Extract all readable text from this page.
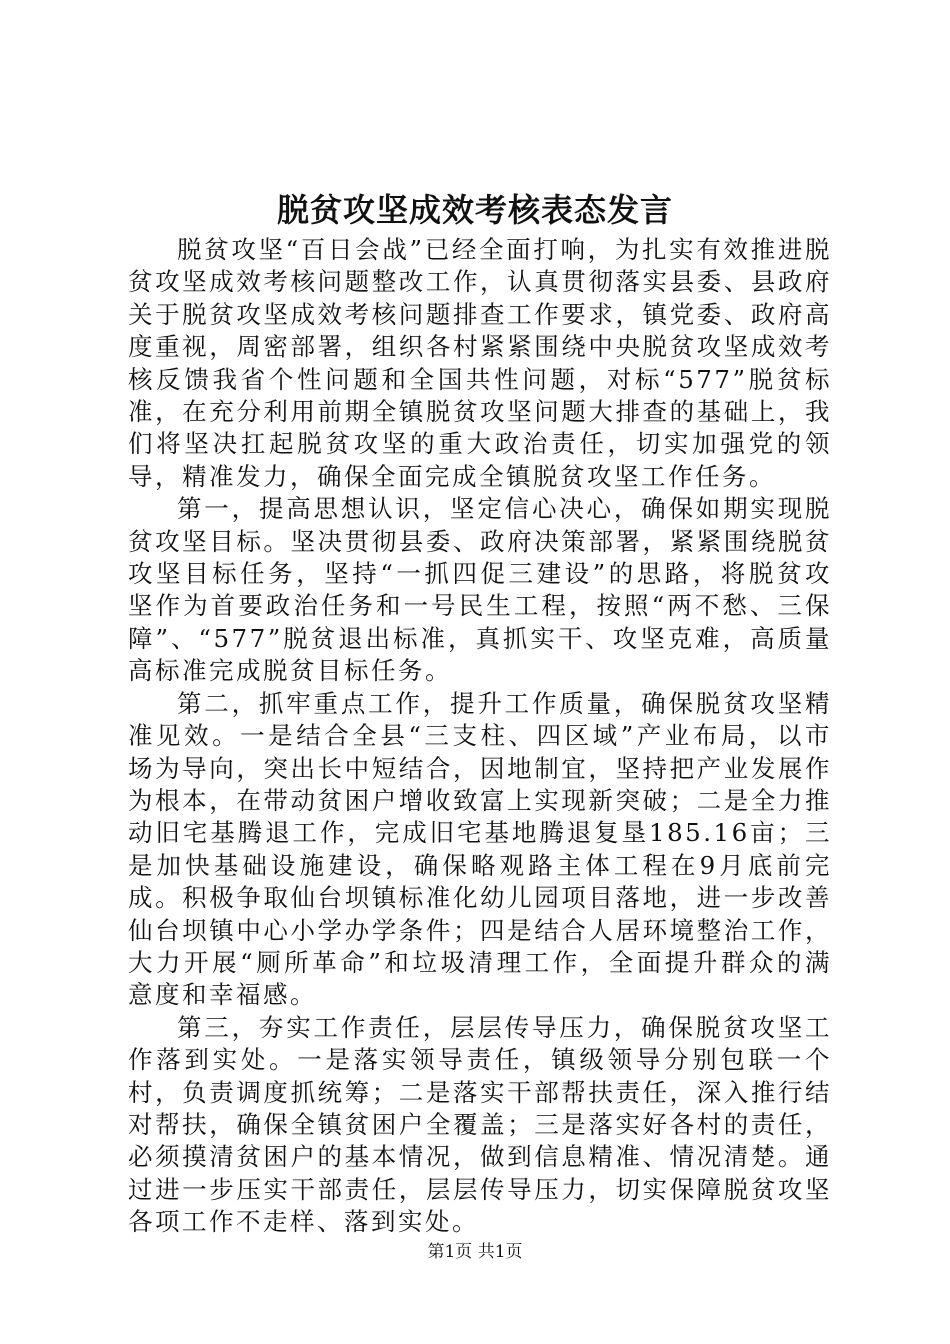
脱贫攻坚成效考核表态发言

脱贫攻坚“百日会战”已经全面打响，为扎实有效推进脱贫攻坚成效考核问题整改工作，认真贯彻落实县委、县政府关于脱贫攻坚成效考核问题排查工作要求，镇党委、政府高度重视，周密部署，组织各村紧紧围绕中央脱贫攻坚成效考核反馈我省个性问题和全国共性问题，对标“577”脱贫标准，在充分利用前期全镇脱贫攻坚问题大排查的基础上，我们将坚决扛起脱贫攻坚的重大政治责任，切实加强党的领导，精准发力，确保全面完成全镇脱贫攻坚工作任务。

第一，提高思想认识，坚定信心决心，确保如期实现脱贫攻坚目标。坚决贯彻县委、政府决策部署，紧紧围绕脱贫攻坚目标任务，坚持“一抓四促三建设”的思路，将脱贫攻坚作为首要政治任务和一号民生工程，按照“两不愁、三保障”、“577”脱贫退出标准，真抓实干、攻坚克难，高质量高标准完成脱贫目标任务。

第二，抓牢重点工作，提升工作质量，确保脱贫攻坚精准见效。一是结合全县“三支柱、四区域”产业布局，以市场为导向，突出长中短结合，因地制宜，坚持把产业发展作为根本，在带动贫困户增收致富上实现新突破；二是全力推动旧宅基腾退工作，完成旧宅基地腾退复垦185.16亩；三是加快基础设施建设，确保略观路主体工程在9月底前完成。积极争取仙台坝镇标准化幼儿园项目落地，进一步改善仙台坝镇中心小学办学条件；四是结合人居环境整治工作，大力开展“厕所革命”和垃圾清理工作，全面提升群众的满意度和幸福感。

第三，夯实工作责任，层层传导压力，确保脱贫攻坚工作落到实处。一是落实领导责任，镇级领导分别包联一个村，负责调度抓统筹；二是落实干部帮扶责任，深入推行结对帮扶，确保全镇贫困户全覆盖；三是落实好各村的责任，必须摸清贫困户的基本情况，做到信息精准、情况清楚。通过进一步压实干部责任，层层传导压力，切实保障脱贫攻坚各项工作不走样、落到实处。

第1页 共1页
